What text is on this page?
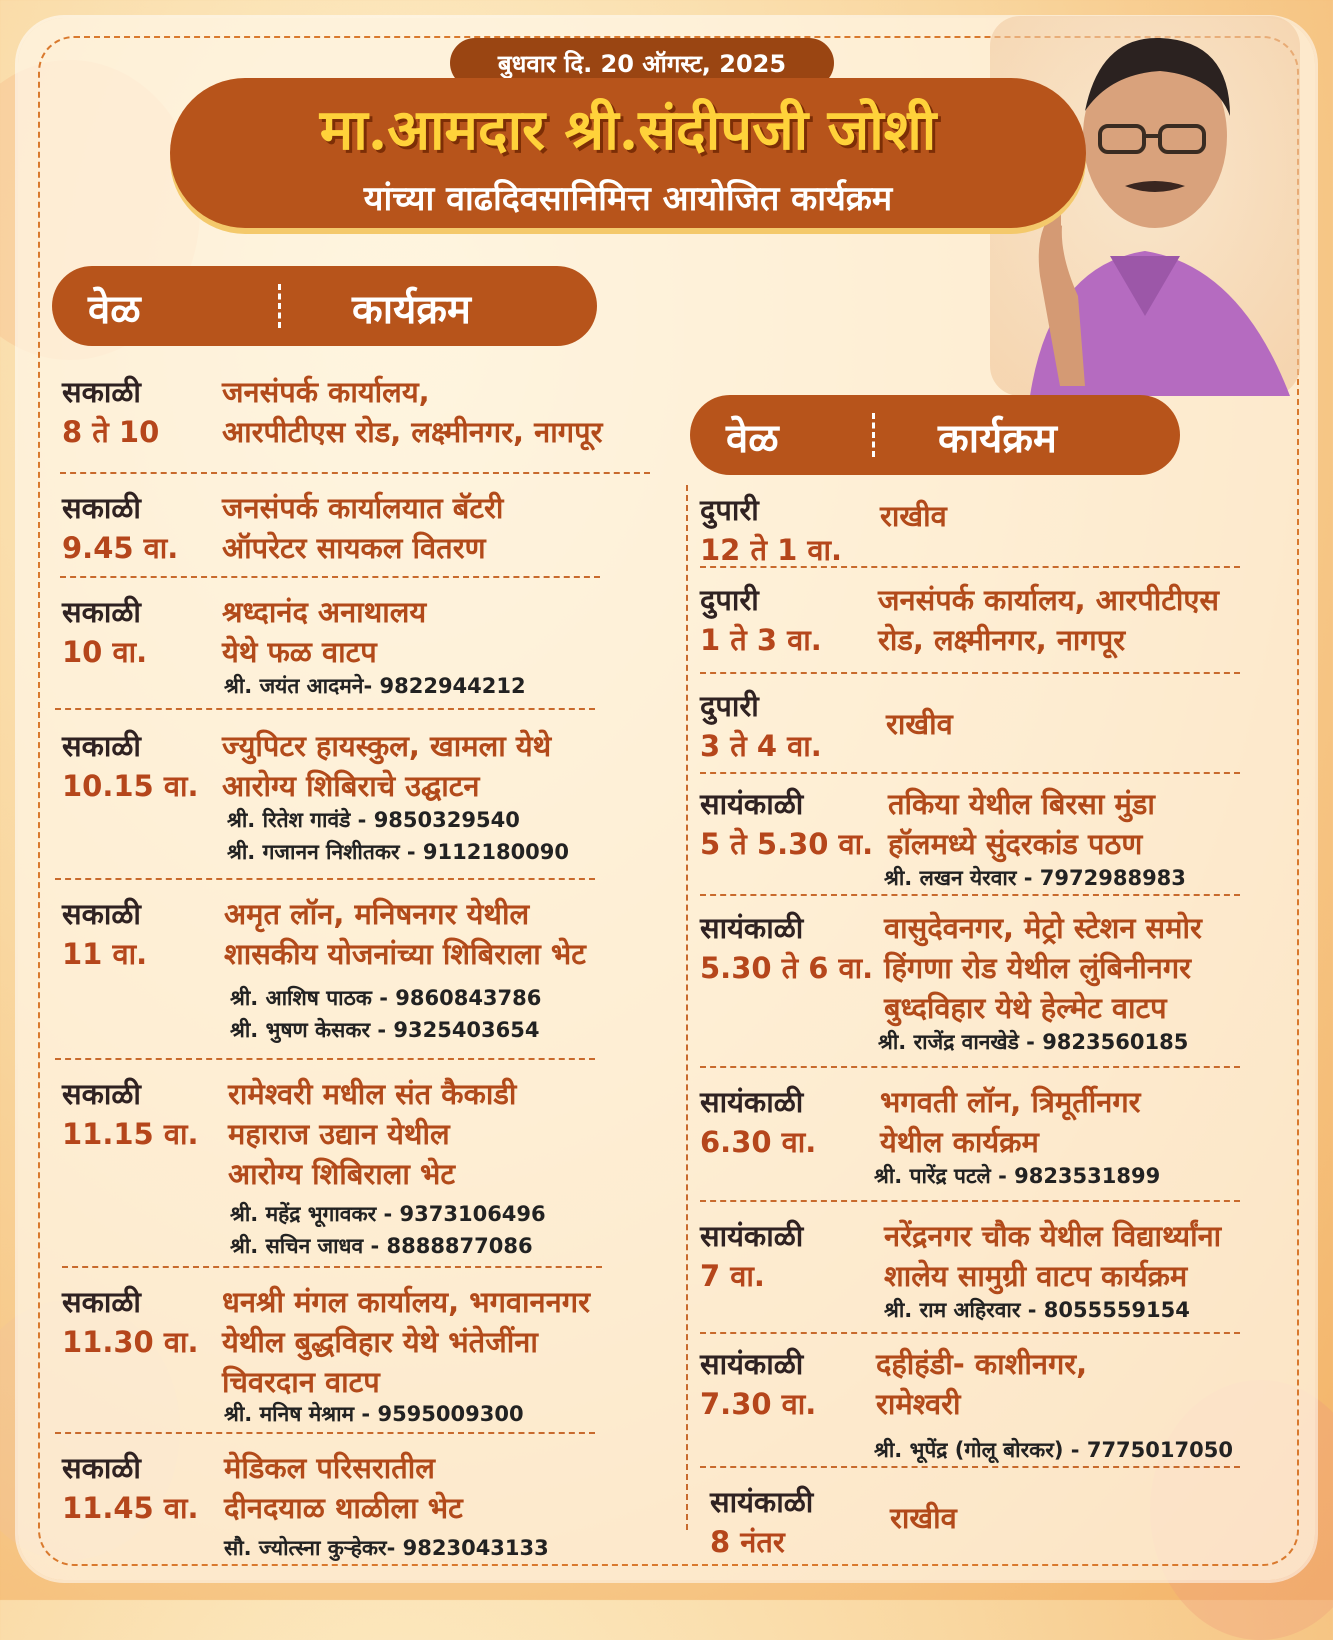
बुधवार दि. 20 ऑगस्ट, 2025
मा.आमदार श्री.संदीपजी जोशी
यांच्या वाढदिवसानिमित्त आयोजित कार्यक्रम
वेळ	कार्यक्रम
वेळ	कार्यक्रम
सकाळी
8 ते 10
जनसंपर्क कार्यालय,
आरपीटीएस रोड, लक्ष्मीनगर, नागपूर
सकाळी
9.45 वा.
जनसंपर्क कार्यालयात बॅटरी
ऑपरेटर सायकल वितरण
सकाळी
10 वा.
श्रध्दानंद अनाथालय
येथे फळ वाटप
श्री. जयंत आदमने- 9822944212
सकाळी
10.15 वा.
ज्युपिटर हायस्कुल, खामला येथे
आरोग्य शिबिराचे उद्घाटन
श्री. रितेश गावंडे - 9850329540
श्री. गजानन निशीतकर - 9112180090
सकाळी
11 वा.
अमृत लॉन, मनिषनगर येथील
शासकीय योजनांच्या शिबिराला भेट
श्री. आशिष पाठक - 9860843786
श्री. भुषण केसकर - 9325403654
सकाळी
11.15 वा.
रामेश्वरी मधील संत कैकाडी
महाराज उद्यान येथील
आरोग्य शिबिराला भेट
श्री. महेंद्र भूगावकर - 9373106496
श्री. सचिन जाधव - 8888877086
सकाळी
11.30 वा.
धनश्री मंगल कार्यालय, भगवाननगर
येथील बुद्धविहार येथे भंतेजींना
चिवरदान वाटप
श्री. मनिष मेश्राम - 9595009300
सकाळी
11.45 वा.
मेडिकल परिसरातील
दीनदयाळ थाळीला भेट
सौ. ज्योत्स्ना कुऱ्हेकर- 9823043133
दुपारी
12 ते 1 वा.
राखीव
दुपारी
1 ते 3 वा.
जनसंपर्क कार्यालय, आरपीटीएस
रोड, लक्ष्मीनगर, नागपूर
दुपारी
3 ते 4 वा.
राखीव
सायंकाळी
5 ते 5.30 वा.
तकिया येथील बिरसा मुंडा
हॉलमध्ये सुंदरकांड पठण
श्री. लखन येरवार - 7972988983
सायंकाळी
5.30 ते 6 वा.
वासुदेवनगर, मेट्रो स्टेशन समोर
हिंगणा रोड येथील लुंबिनीनगर
बुध्दविहार येथे हेल्मेट वाटप
श्री. राजेंद्र वानखेडे - 9823560185
सायंकाळी
6.30 वा.
भगवती लॉन, त्रिमूर्तीनगर
येथील कार्यक्रम
श्री. पारेंद्र पटले - 9823531899
सायंकाळी
7 वा.
नरेंद्रनगर चौक येथील विद्यार्थ्यांना
शालेय सामुग्री वाटप कार्यक्रम
श्री. राम अहिरवार - 8055559154
सायंकाळी
7.30 वा.
दहीहंडी- काशीनगर,
रामेश्वरी
श्री. भूपेंद्र (गोलू बोरकर) - 7775017050
सायंकाळी
8 नंतर
राखीव
